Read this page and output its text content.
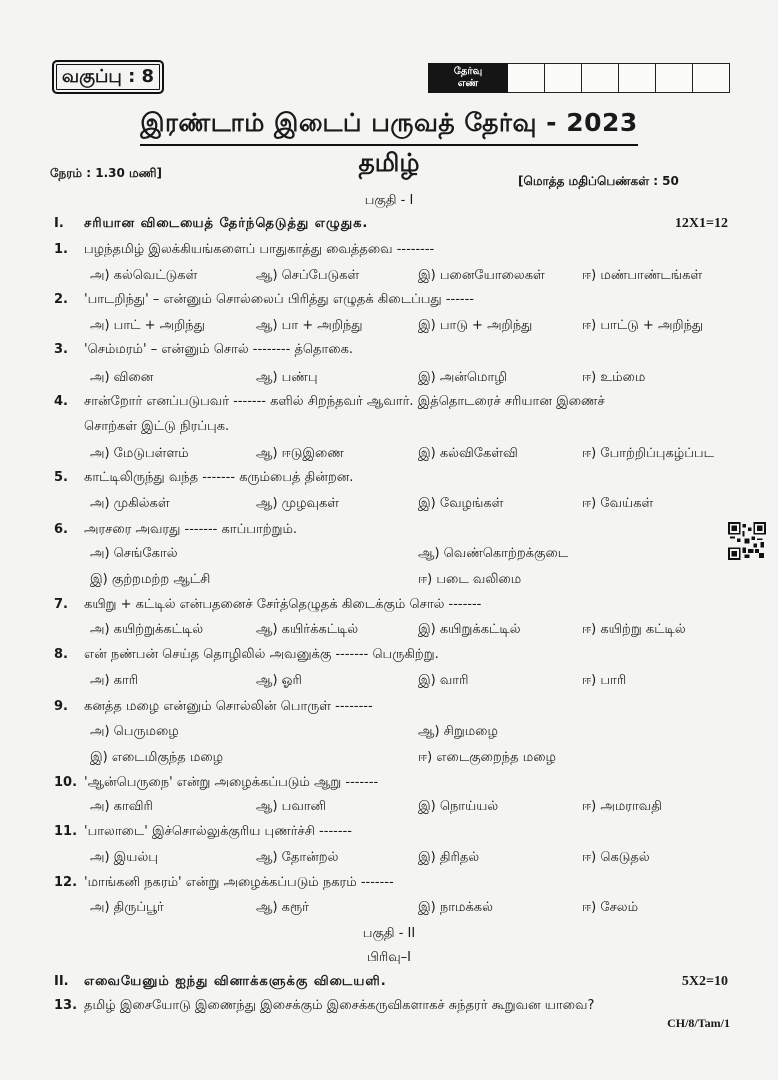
வகுப்பு : 8	தேர்வு
எண்
இரண்டாம் இடைப் பருவத் தேர்வு - 2023
தமிழ்
நேரம் : 1.30 மணி]
[மொத்த மதிப்பெண்கள் : 50
பகுதி - I
I. சரியான விடையைத் தேர்ந்தெடுத்து எழுதுக.	12X1=12
1. பழந்தமிழ் இலக்கியங்களைப் பாதுகாத்து வைத்தவை --------
அ) கல்வெட்டுகள்	ஆ) செப்பேடுகள்	இ) பனையோலைகள்	ஈ) மண்பாண்டங்கள்
2. 'பாடறிந்து' – என்னும் சொல்லைப் பிரித்து எழுதக் கிடைப்பது ------
அ) பாட் + அறிந்து	ஆ) பா + அறிந்து	இ) பாடு + அறிந்து	ஈ) பாட்டு + அறிந்து
3. 'செம்மரம்' – என்னும் சொல் -------- த்தொகை.
அ) வினை	ஆ) பண்பு	இ) அன்மொழி	ஈ) உம்மை
4. சான்றோர் எனப்படுபவர் ------- களில் சிறந்தவர் ஆவார். இத்தொடரைச் சரியான இணைச்
சொற்கள் இட்டு நிரப்புக.
அ) மேடுபள்ளம்	ஆ) ஈடுஇணை	இ) கல்விகேள்வி	ஈ) போற்றிப்புகழ்ப்பட
5. காட்டிலிருந்து வந்த ------- கரும்பைத் தின்றன.
அ) முகில்கள்	ஆ) முழவுகள்	இ) வேழங்கள்	ஈ) வேய்கள்
6. அரசரை அவரது ------- காப்பாற்றும்.
அ) செங்கோல்	ஆ) வெண்கொற்றக்குடை
இ) குற்றமற்ற ஆட்சி	ஈ) படை வலிமை
7. கயிறு + கட்டில் என்பதனைச் சேர்த்தெழுதக் கிடைக்கும் சொல் -------
அ) கயிற்றுக்கட்டில்	ஆ) கயிர்க்கட்டில்	இ) கயிறுக்கட்டில்	ஈ) கயிற்று கட்டில்
8. என் நண்பன் செய்த தொழிலில் அவனுக்கு ------- பெருகிற்று.
அ) காரி	ஆ) ஓரி	இ) வாரி	ஈ) பாரி
9. கனத்த மழை என்னும் சொல்லின் பொருள் --------
அ) பெருமழை	ஆ) சிறுமழை
இ) எடைமிகுந்த மழை	ஈ) எடைகுறைந்த மழை
10. 'ஆன்பெருநை' என்று அழைக்கப்படும் ஆறு -------
அ) காவிரி	ஆ) பவானி	இ) நொய்யல்	ஈ) அமராவதி
11. 'பாலாடை' இச்சொல்லுக்குரிய புணர்ச்சி -------
அ) இயல்பு	ஆ) தோன்றல்	இ) திரிதல்	ஈ) கெடுதல்
12. 'மாங்கனி நகரம்' என்று அழைக்கப்படும் நகரம் -------
அ) திருப்பூர்	ஆ) கரூர்	இ) நாமக்கல்	ஈ) சேலம்
பகுதி - II
பிரிவு–I
II. எவையேனும் ஐந்து வினாக்களுக்கு விடையளி.	5X2=10
13. தமிழ் இசையோடு இணைந்து இசைக்கும் இசைக்கருவிகளாகச் சுந்தரர் கூறுவன யாவை?
CH/8/Tam/1
